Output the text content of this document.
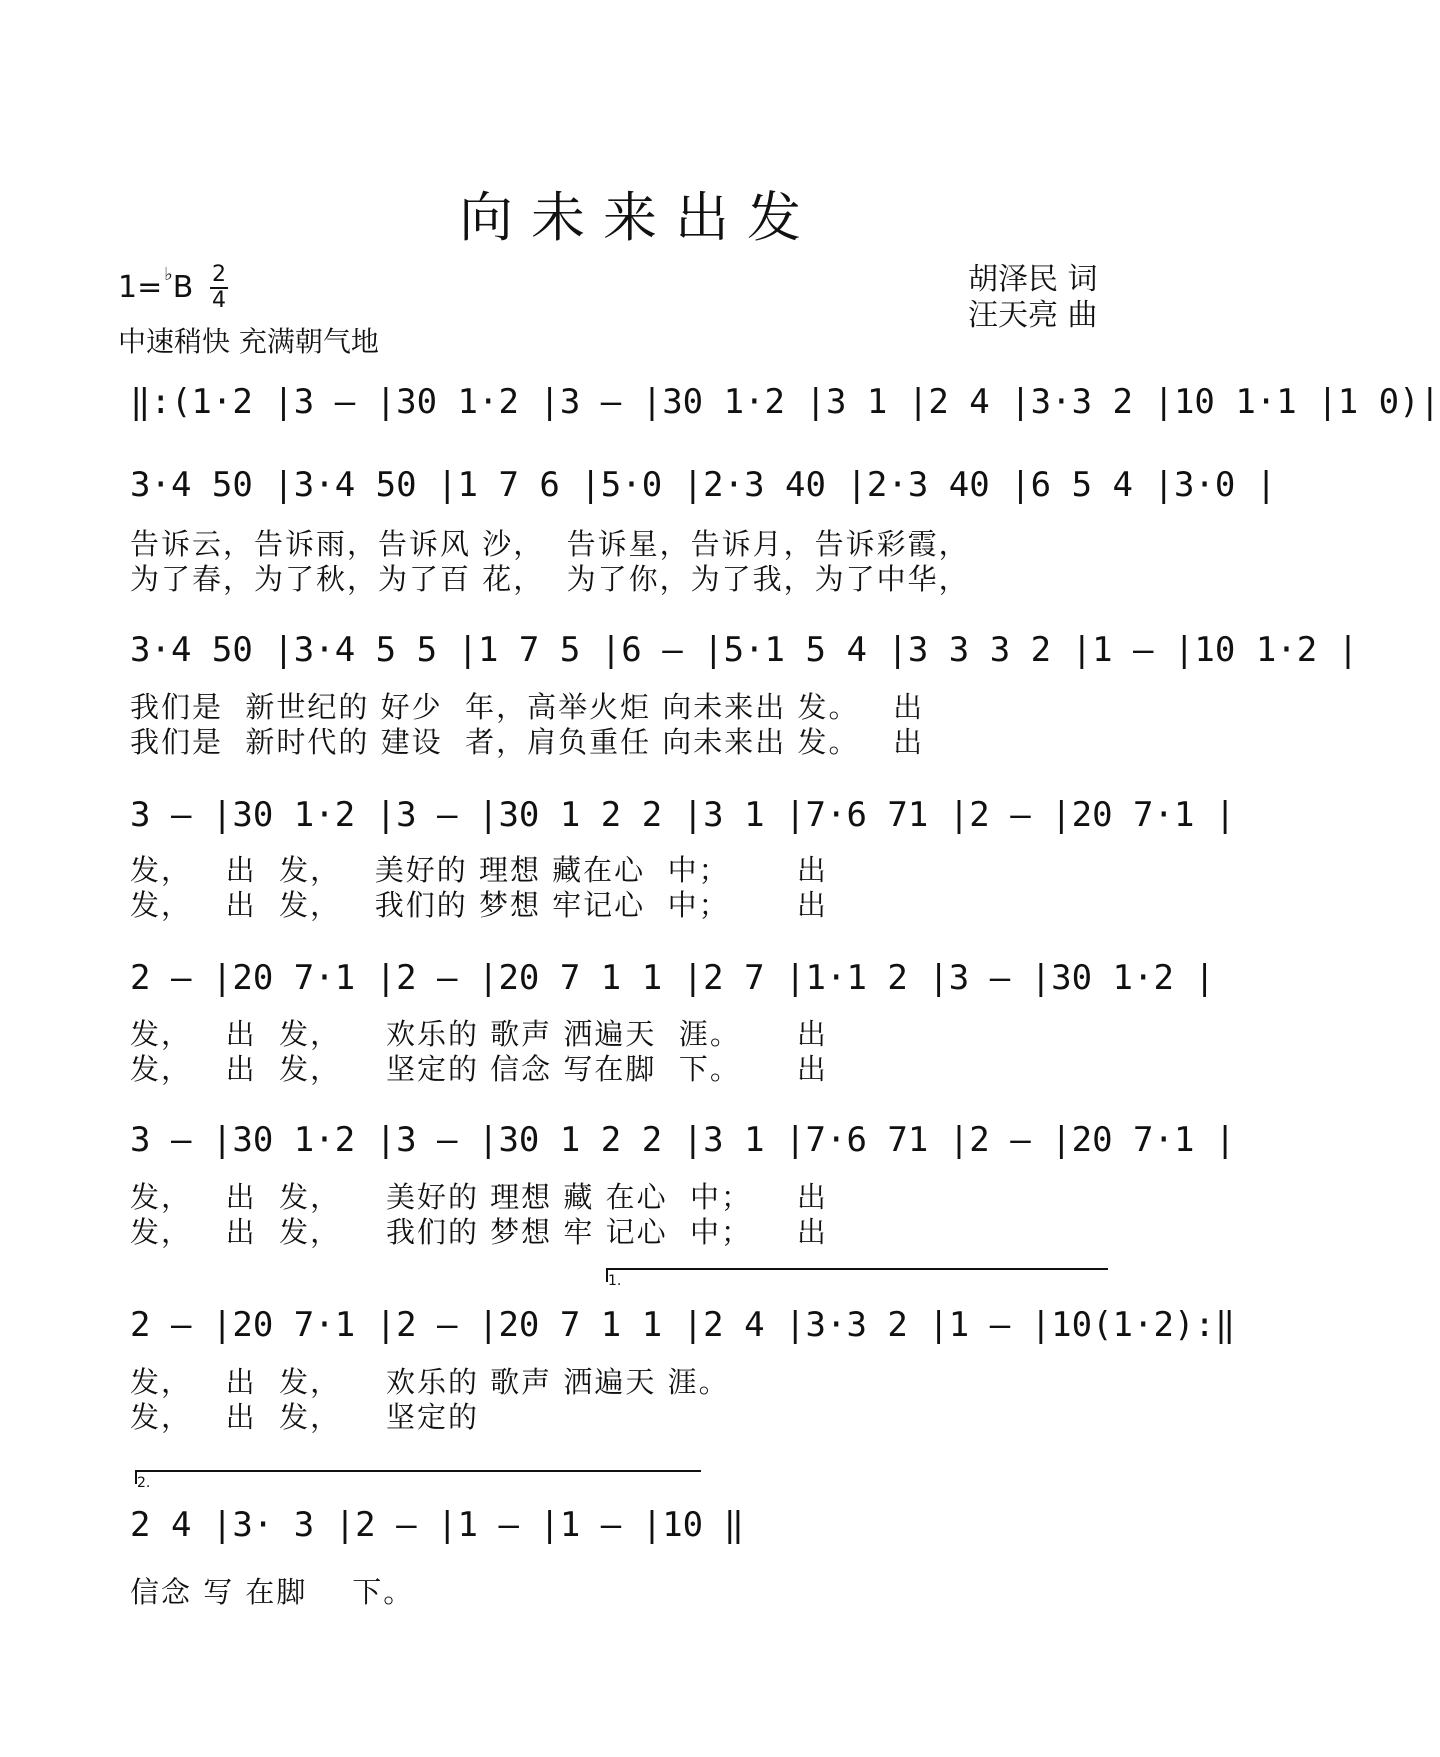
向未来出发
1= ♭B 2
4
中速稍快 充满朝气地
胡泽民 词
汪天亮 曲
‖:(1·2 |3 – |30 1·2 |3 – |30 1·2 |3 1 |2 4 |3·3 2 |10 1·1 |1 0)|
3·4 50 |3·4 50 |1 7 6 |5·0 |2·3 40 |2·3 40 |6 5 4 |3·0 |
告诉云，告诉雨，告诉风 沙，  告诉星，告诉月，告诉彩霞，
为了春，为了秋，为了百 花，  为了你，为了我，为了中华，
3·4 50 |3·4 5 5 |1 7 5 |6 – |5·1 5 4 |3 3 3 2 |1 – |10 1·2 |
我们是  新世纪的 好少  年，高举火炬 向未来出 发。   出
我们是  新时代的 建设  者，肩负重任 向未来出 发。   出
3 – |30 1·2 |3 – |30 1 2 2 |3 1 |7·6 71 |2 – |20 7·1 |
发，   出  发，   美好的 理想 藏在心  中；      出
发，   出  发，   我们的 梦想 牢记心  中；      出
2 – |20 7·1 |2 – |20 7 1 1 |2 7 |1·1 2 |3 – |30 1·2 |
发，   出  发，    欢乐的 歌声 洒遍天  涯。     出
发，   出  发，    坚定的 信念 写在脚  下。     出
3 – |30 1·2 |3 – |30 1 2 2 |3 1 |7·6 71 |2 – |20 7·1 |
发，   出  发，    美好的 理想 藏 在心  中；    出
发，   出  发，    我们的 梦想 牢 记心  中；    出
1.
2 – |20 7·1 |2 – |20 7 1 1 |2 4 |3·3 2 |1 – |10(1·2):‖
发，   出  发，    欢乐的 歌声 洒遍天 涯。
发，   出  发，    坚定的
2.
2 4 |3· 3 |2 – |1 – |1 – |10 ‖
信念 写 在脚    下。
